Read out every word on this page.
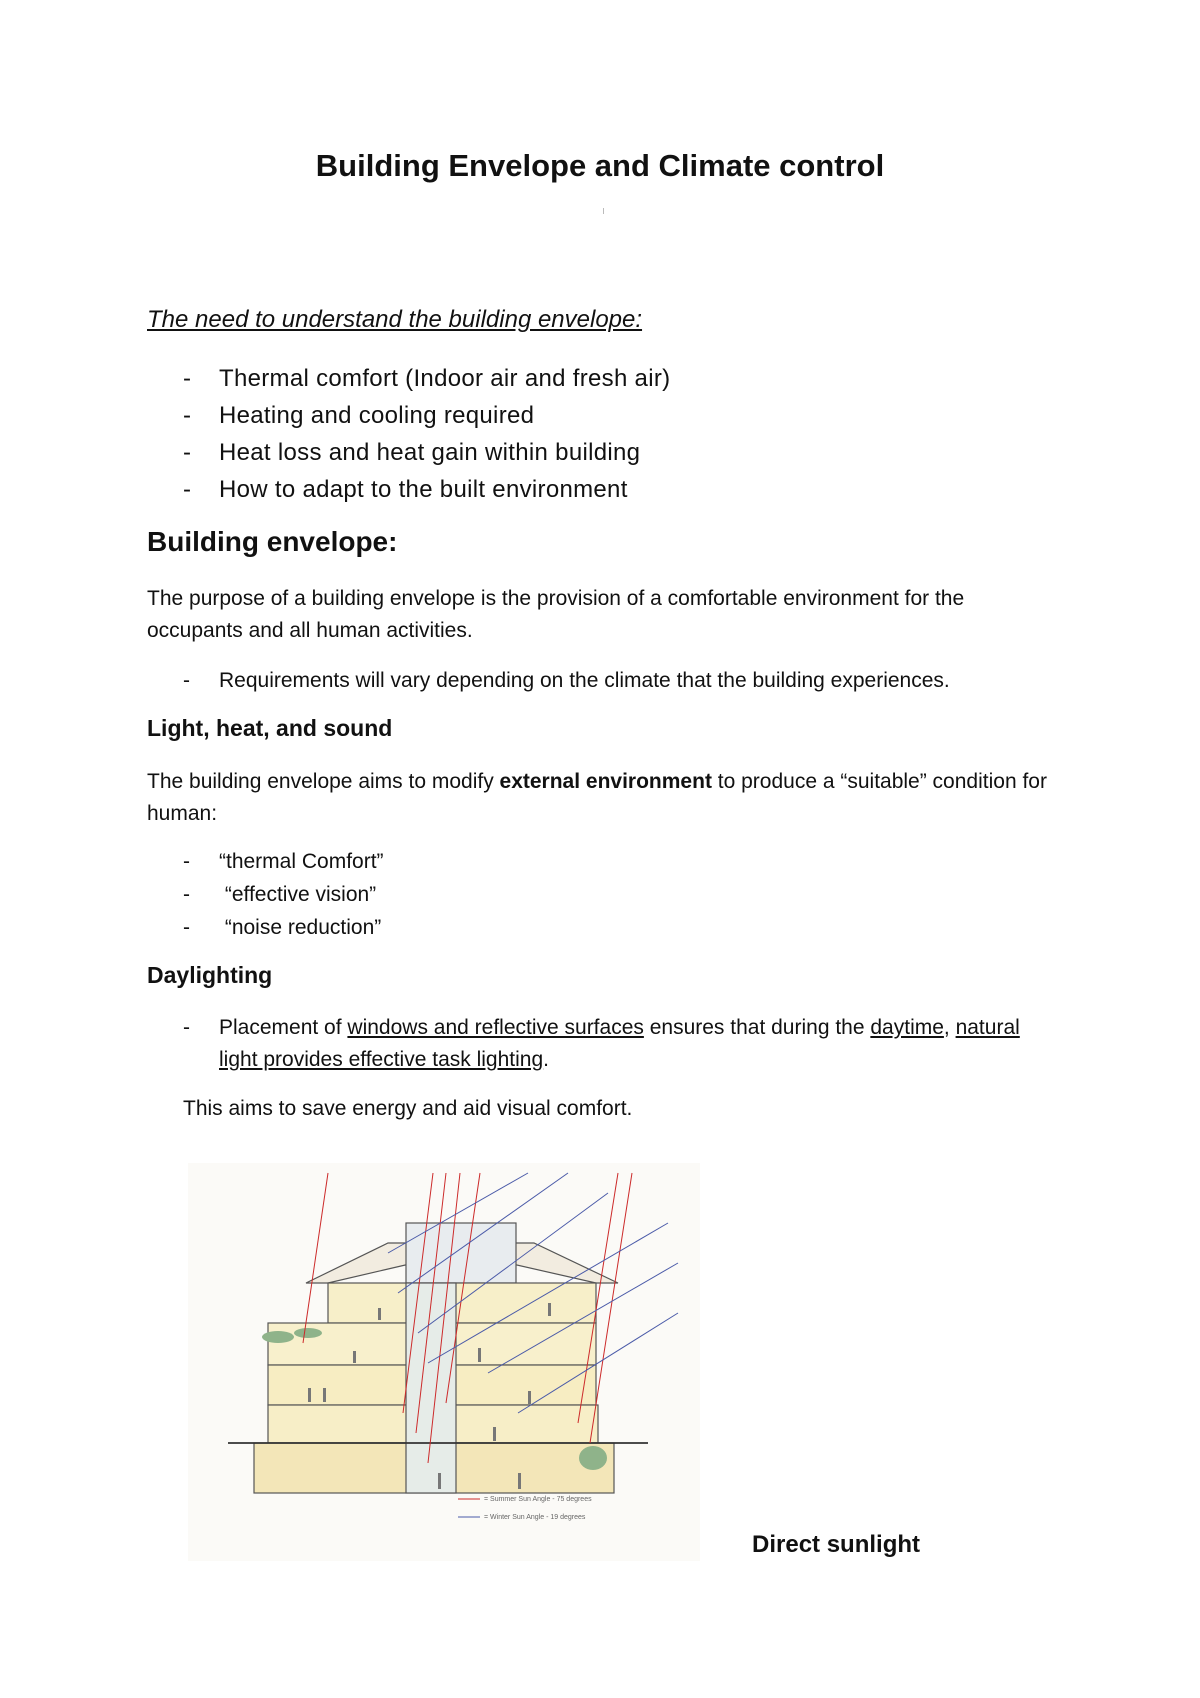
Building Envelope and Climate control

The need to understand the building envelope:

- Thermal comfort (Indoor air and fresh air)
- Heating and cooling required
- Heat loss and heat gain within building
- How to adapt to the built environment
Building envelope:

The purpose of a building envelope is the provision of a comfortable environment for the occupants and all human activities.

- Requirements will vary depending on the climate that the building experiences.
Light, heat, and sound

The building envelope aims to modify external environment to produce a “suitable” condition for human:

- “thermal Comfort”
- “effective vision”
- “noise reduction”
Daylighting
- Placement of windows and reflective surfaces ensures that during the daytime, natural light provides effective task lighting.

This aims to save energy and aid visual comfort.

= Summer Sun Angle - 75 degrees
= Winter Sun Angle - 19 degrees

Direct sunlight
